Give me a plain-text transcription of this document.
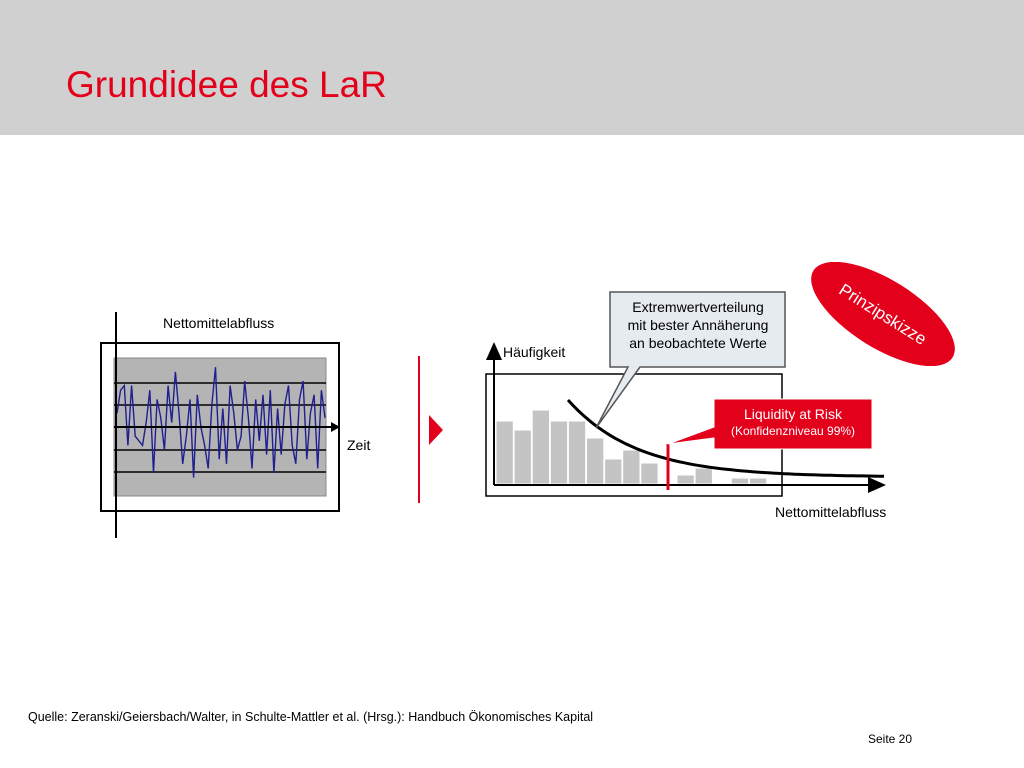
Grundidee des LaR
Nettomittelabfluss
Zeit
Häufigkeit
Nettomittelabfluss
Extremwertverteilung
mit bester Annäherung
an beobachtete Werte
Liquidity at Risk
(Konfidenzniveau 99%)
Prinzipskizze
Quelle: Zeranski/Geiersbach/Walter, in Schulte-Mattler et al. (Hrsg.): Handbuch Ökonomisches Kapital
Seite 20
